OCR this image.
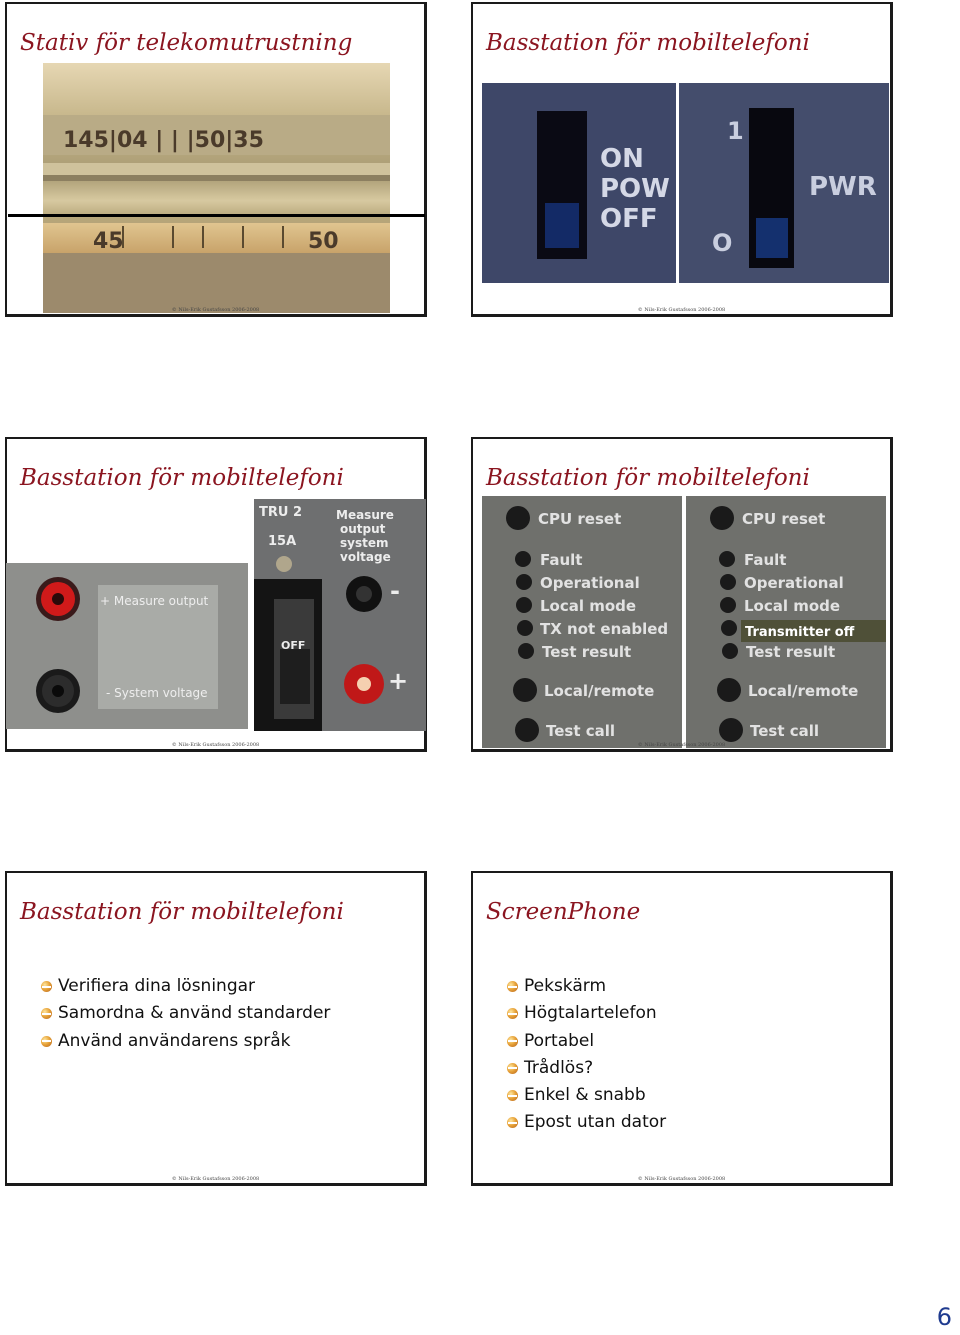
Stativ för telekomutrustning
145|04 | | |50|35
45	50
© Nils-Erik Gustafsson 2006-2008
Basstation för mobiltelefoni
ON
POW
OFF
1
O
PWR
© Nils-Erik Gustafsson 2006-2008
Basstation för mobiltelefoni
+ Measure output
- System voltage
TRU 2
15A
Measure
output
system
voltage
OFF
-
+
© Nils-Erik Gustafsson 2006-2008
Basstation för mobiltelefoni
CPU reset
Fault
Operational
Local mode
TX not enabled
Test result
Local/remote
Test call
CPU reset
Fault
Operational
Local mode
Test result
Local/remote
Test call
Transmitter off
© Nils-Erik Gustafsson 2006-2008
Basstation för mobiltelefoni
Verifiera dina lösningar
Samordna & använd standarder
Använd användarens språk
© Nils-Erik Gustafsson 2006-2008
ScreenPhone
Pekskärm
Högtalartelefon
Portabel
Trådlös?
Enkel & snabb
Epost utan dator
© Nils-Erik Gustafsson 2006-2008
6
